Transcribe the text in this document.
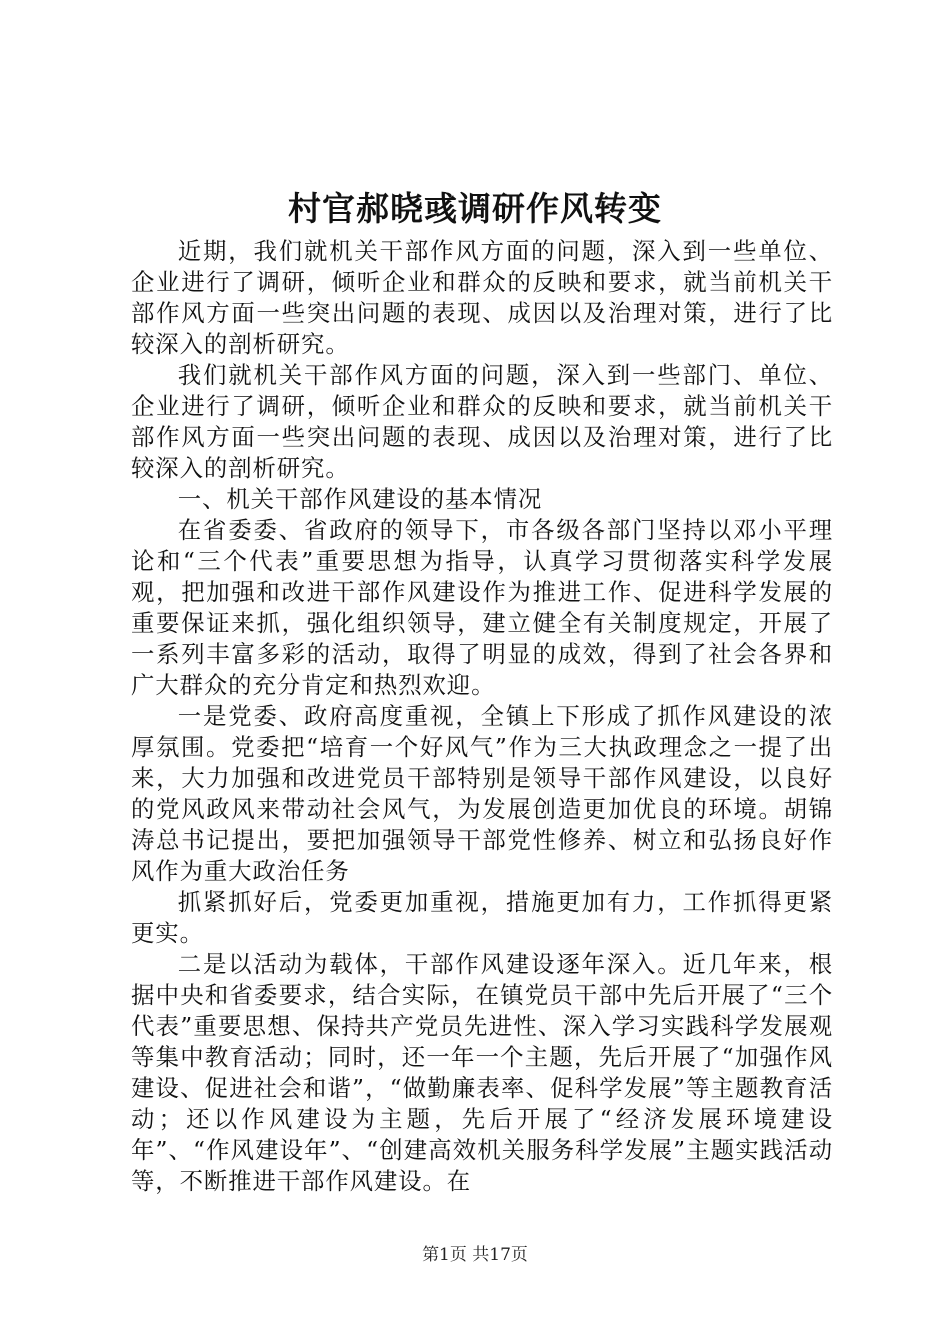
村官郝晓彧调研作风转变

近期，我们就机关干部作风方面的问题，深入到一些单位、企业进行了调研，倾听企业和群众的反映和要求，就当前机关干部作风方面一些突出问题的表现、成因以及治理对策，进行了比较深入的剖析研究。

我们就机关干部作风方面的问题，深入到一些部门、单位、企业进行了调研，倾听企业和群众的反映和要求，就当前机关干部作风方面一些突出问题的表现、成因以及治理对策，进行了比较深入的剖析研究。

一、机关干部作风建设的基本情况

在省委委、省政府的领导下，市各级各部门坚持以邓小平理论和“三个代表”重要思想为指导，认真学习贯彻落实科学发展观，把加强和改进干部作风建设作为推进工作、促进科学发展的重要保证来抓，强化组织领导，建立健全有关制度规定，开展了一系列丰富多彩的活动，取得了明显的成效，得到了社会各界和广大群众的充分肯定和热烈欢迎。

一是党委、政府高度重视，全镇上下形成了抓作风建设的浓厚氛围。党委把“培育一个好风气”作为三大执政理念之一提了出来，大力加强和改进党员干部特别是领导干部作风建设，以良好的党风政风来带动社会风气，为发展创造更加优良的环境。胡锦涛总书记提出，要把加强领导干部党性修养、树立和弘扬良好作风作为重大政治任务

抓紧抓好后，党委更加重视，措施更加有力，工作抓得更紧更实。

二是以活动为载体，干部作风建设逐年深入。近几年来，根据中央和省委要求，结合实际，在镇党员干部中先后开展了“三个代表”重要思想、保持共产党员先进性、深入学习实践科学发展观等集中教育活动；同时，还一年一个主题，先后开展了“加强作风建设、促进社会和谐”，“做勤廉表率、促科学发展”等主题教育活动；还以作风建设为主题，先后开展了“经济发展环境建设年”、“作风建设年”、“创建高效机关服务科学发展”主题实践活动等，不断推进干部作风建设。在

第1页 共17页
